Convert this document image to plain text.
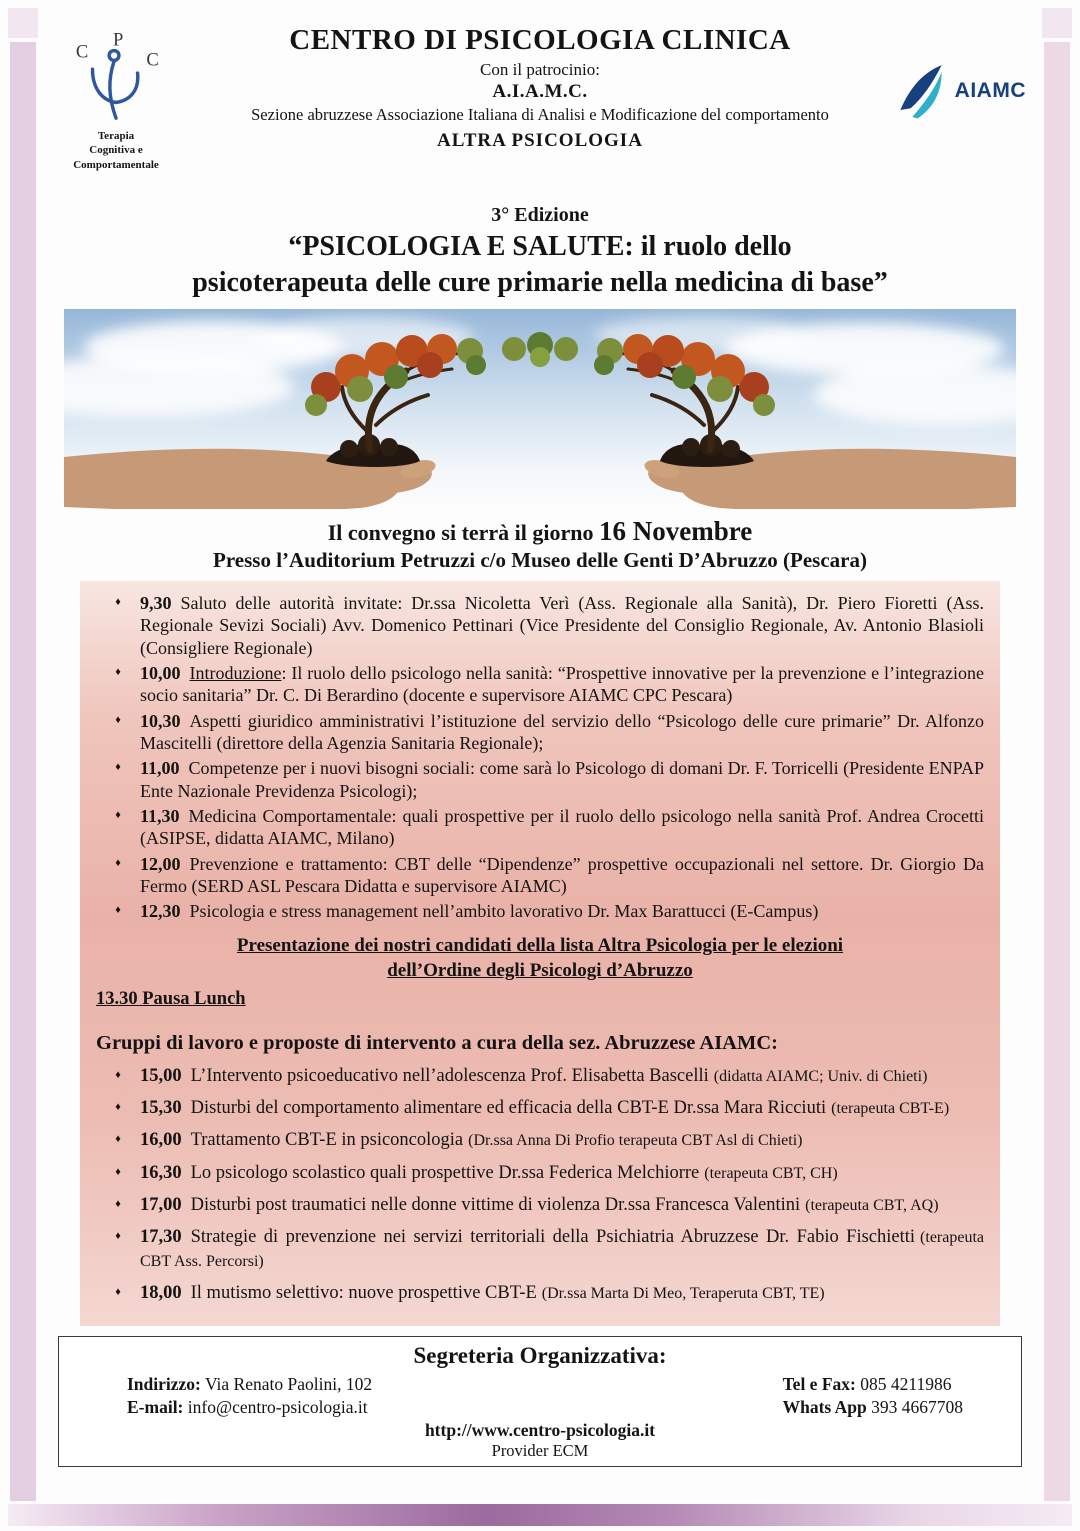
C
P
C
Terapia
Cognitiva e
Comportamentale
CENTRO DI PSICOLOGIA CLINICA
Con il patrocinio:
A.I.A.M.C.
Sezione abruzzese Associazione Italiana di Analisi e Modificazione del comportamento
ALTRA PSICOLOGIA
AIAMC
3° Edizione
“PSICOLOGIA E SALUTE: il ruolo dello
psicoterapeuta delle cure primarie nella medicina di base”
Il convegno si terrà il giorno 16 Novembre
Presso l’Auditorium Petruzzi c/o Museo delle Genti D’Abruzzo (Pescara)
♦	9,30 Saluto delle autorità invitate: Dr.ssa Nicoletta Verì (Ass. Regionale alla Sanità), Dr. Piero Fioretti (Ass. Regionale Sevizi Sociali) Avv. Domenico Pettinari (Vice Presidente del Consiglio Regionale, Av. Antonio Blasioli (Consigliere Regionale)
♦	10,00 Introduzione: Il ruolo dello psicologo nella sanità: “Prospettive innovative per la prevenzione e l’integrazione socio sanitaria” Dr. C. Di Berardino (docente e supervisore AIAMC CPC Pescara)
♦	10,30 Aspetti giuridico amministrativi l’istituzione del servizio dello “Psicologo delle cure primarie” Dr. Alfonzo Mascitelli (direttore della Agenzia Sanitaria Regionale);
♦	11,00 Competenze per i nuovi bisogni sociali: come sarà lo Psicologo di domani Dr. F. Torricelli (Presidente ENPAP Ente Nazionale Previdenza Psicologi);
♦	11,30 Medicina Comportamentale: quali prospettive per il ruolo dello psicologo nella sanità Prof. Andrea Crocetti (ASIPSE, didatta AIAMC, Milano)
♦	12,00 Prevenzione e trattamento: CBT delle “Dipendenze” prospettive occupazionali nel settore. Dr. Giorgio Da Fermo (SERD ASL Pescara Didatta e supervisore AIAMC)
♦	12,30 Psicologia e stress management nell’ambito lavorativo Dr. Max Barattucci (E-Campus)
Presentazione dei nostri candidati della lista Altra Psicologia per le elezioni
dell’Ordine degli Psicologi d’Abruzzo
13.30 Pausa Lunch
Gruppi di lavoro e proposte di intervento a cura della sez. Abruzzese AIAMC:
♦	15,00 L’Intervento psicoeducativo nell’adolescenza Prof. Elisabetta Bascelli (didatta AIAMC; Univ. di Chieti)
♦	15,30 Disturbi del comportamento alimentare ed efficacia della CBT-E Dr.ssa Mara Ricciuti (terapeuta CBT-E)
♦	16,00 Trattamento CBT-E in psiconcologia (Dr.ssa Anna Di Profio terapeuta CBT Asl di Chieti)
♦	16,30 Lo psicologo scolastico quali prospettive Dr.ssa Federica Melchiorre (terapeuta CBT, CH)
♦	17,00 Disturbi post traumatici nelle donne vittime di violenza Dr.ssa Francesca Valentini (terapeuta CBT, AQ)
♦	17,30 Strategie di prevenzione nei servizi territoriali della Psichiatria Abruzzese Dr. Fabio Fischietti (terapeuta CBT Ass. Percorsi)
♦	18,00 Il mutismo selettivo: nuove prospettive CBT-E (Dr.ssa Marta Di Meo, Teraperuta CBT, TE)
Segreteria Organizzativa:
Indirizzo: Via Renato Paolini, 102
E-mail: info@centro-psicologia.it
Tel e Fax: 085 4211986
Whats App 393 4667708
http://www.centro-psicologia.it
Provider ECM
